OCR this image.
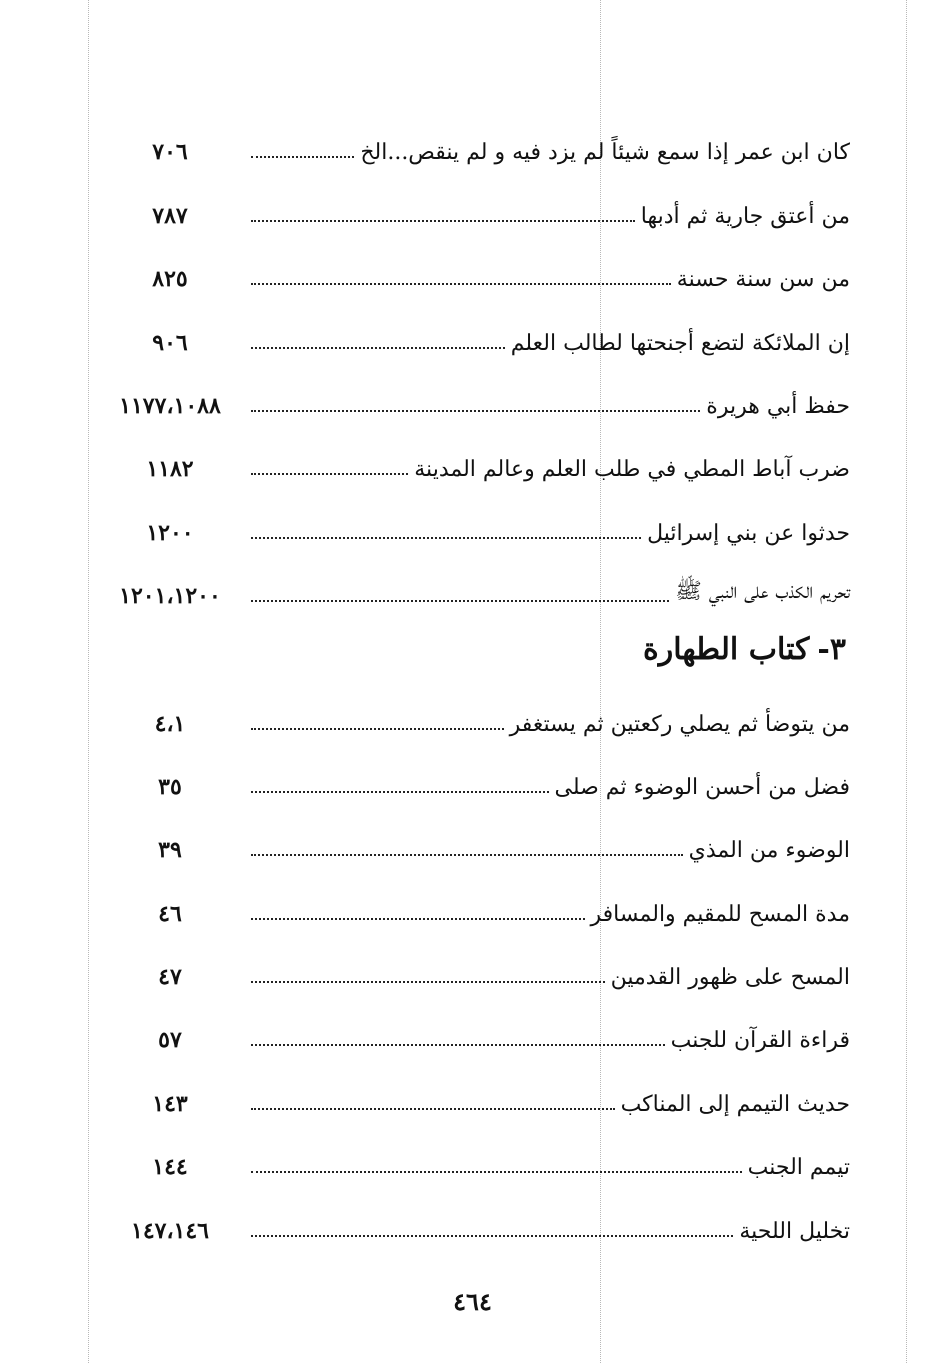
كان ابن عمر إذا سمع شيئاً لم يزد فيه و لم ينقص...الخ
٧٠٦
من أعتق جارية ثم أدبها
٧٨٧
من سن سنة حسنة
٨٢٥
إن الملائكة لتضع أجنحتها لطالب العلم
٩٠٦
حفظ أبي هريرة
١١٧٧،١٠٨٨
ضرب آباط المطي في طلب العلم وعالم المدينة
١١٨٢
حدثوا عن بني إسرائيل
١٢٠٠
تحريم الكذب على النبي ﷺ
١٢٠١،١٢٠٠
٣-
كتاب الطهارة
من يتوضأ ثم يصلي ركعتين ثم يستغفر
٤،١
فضل من أحسن الوضوء ثم صلى
٣٥
الوضوء من المذي
٣٩
مدة المسح للمقيم والمسافر
٤٦
المسح على ظهور القدمين
٤٧
قراءة القرآن للجنب
٥٧
حديث التيمم إلى المناكب
١٤٣
تيمم الجنب
١٤٤
تخليل اللحية
١٤٧،١٤٦
٤٦٤
